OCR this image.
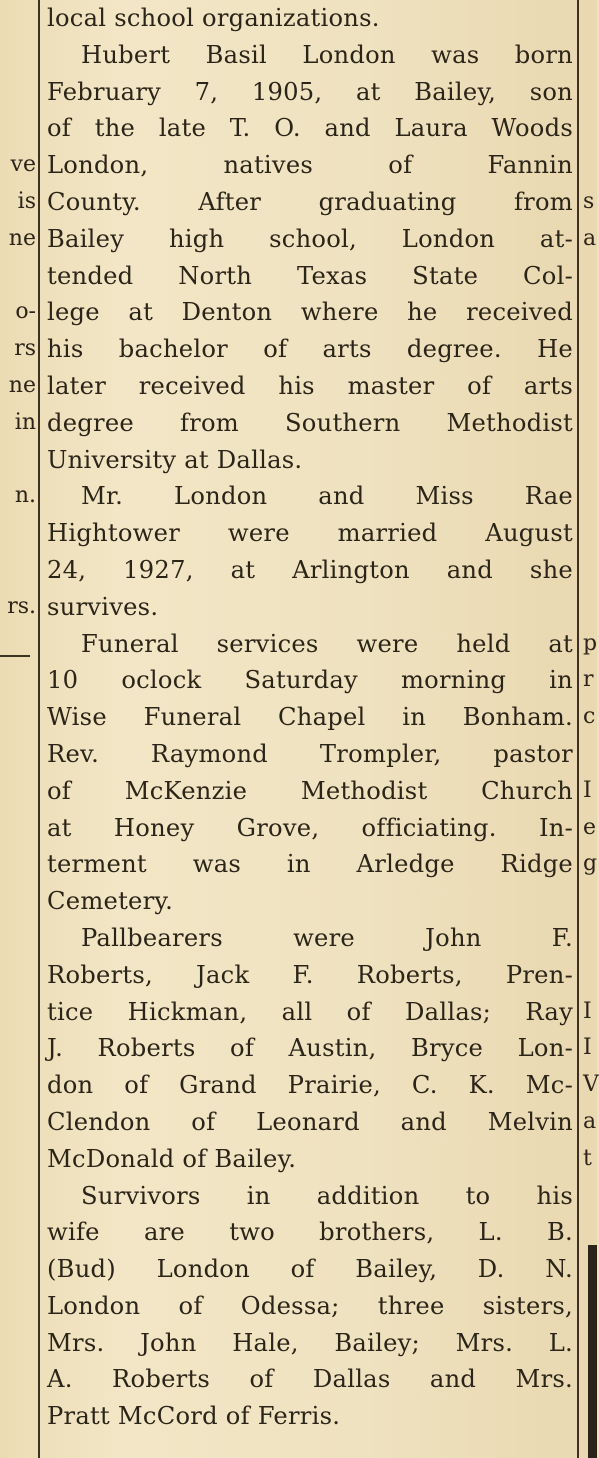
ve
is
ne
o-
rs
ne
in
n.
rs.
s
a
p
r
c
I
e
g
I
I
V
a
t
local school organizations.
Hubert Basil London was born
February 7, 1905, at Bailey, son
of the late T. O. and Laura Woods
London, natives of Fannin
County. After graduating from
Bailey high school, London at-
tended North Texas State Col-
lege at Denton where he received
his bachelor of arts degree. He
later received his master of arts
degree from Southern Methodist
University at Dallas.
Mr. London and Miss Rae
Hightower were married August
24, 1927, at Arlington and she
survives.
Funeral services were held at
10 oclock Saturday morning in
Wise Funeral Chapel in Bonham.
Rev. Raymond Trompler, pastor
of McKenzie Methodist Church
at Honey Grove, officiating. In-
terment was in Arledge Ridge
Cemetery.
Pallbearers were John F.
Roberts, Jack F. Roberts, Pren-
tice Hickman, all of Dallas; Ray
J. Roberts of Austin, Bryce Lon-
don of Grand Prairie, C. K. Mc-
Clendon of Leonard and Melvin
McDonald of Bailey.
Survivors in addition to his
wife are two brothers, L. B.
(Bud) London of Bailey, D. N.
London of Odessa; three sisters,
Mrs. John Hale, Bailey; Mrs. L.
A. Roberts of Dallas and Mrs.
Pratt McCord of Ferris.
